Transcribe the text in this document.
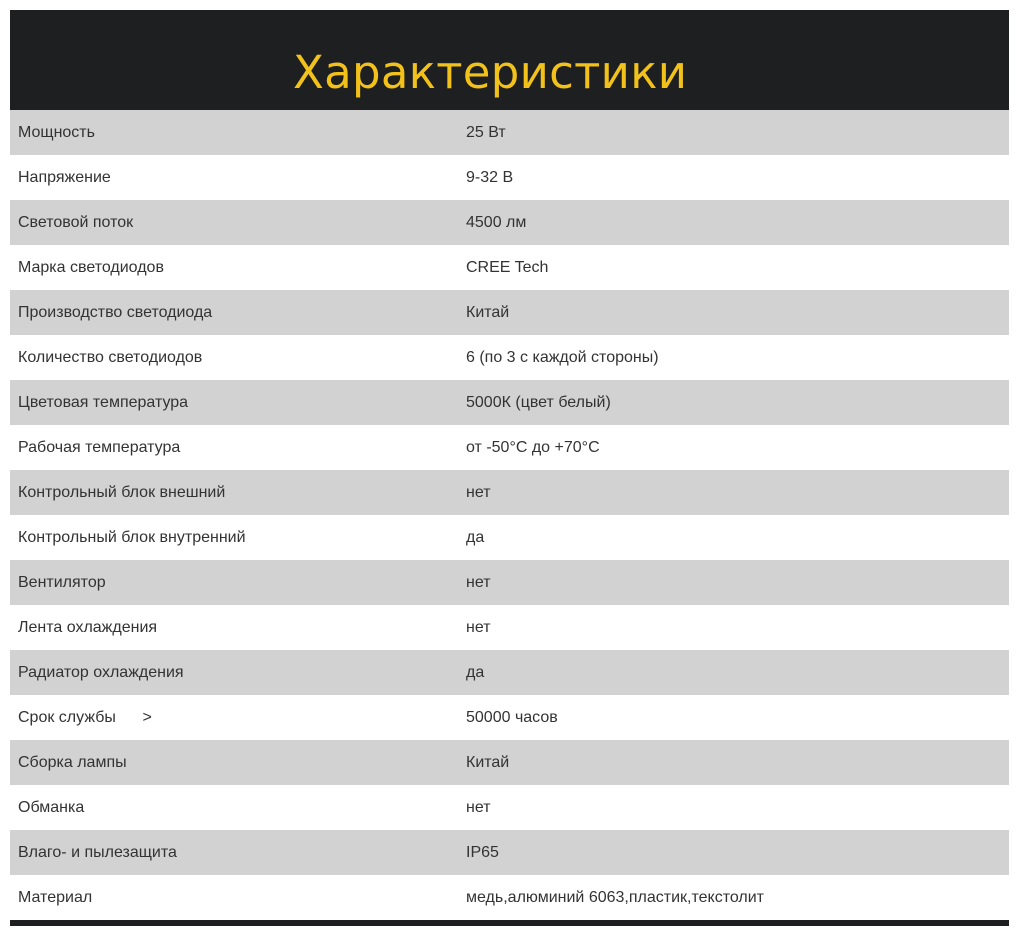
Характеристики
Мощность	25 Вт
Напряжение	9-32 В
Световой поток	4500 лм
Марка светодиодов	CREE Tech
Производство светодиода	Китай
Количество светодиодов	6 (по 3 с каждой стороны)
Цветовая температура	5000К (цвет белый)
Рабочая температура	от -50°С до +70°С
Контрольный блок внешний	нет
Контрольный блок внутренний	да
Вентилятор	нет
Лента охлаждения	нет
Радиатор охлаждения	да
Срок службы      >	50000 часов
Сборка лампы	Китай
Обманка	нет
Влаго- и пылезащита	IP65
Материал	медь,алюминий 6063,пластик,текстолит
